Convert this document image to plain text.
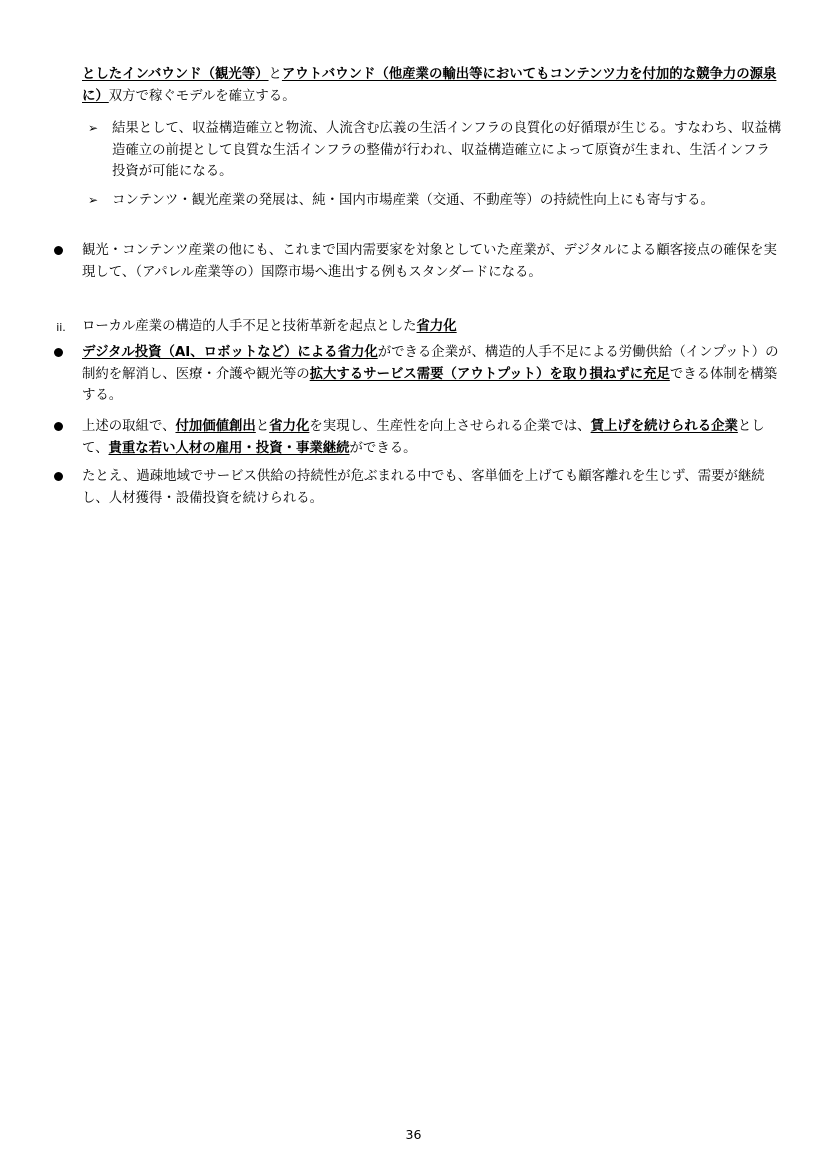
としたインバウンド（観光等）とアウトバウンド（他産業の輸出等においてもコンテンツ力を付加的な競争力の源泉に）双方で稼ぐモデルを確立する。

➢	結果として、収益構造確立と物流、人流含む広義の生活インフラの良質化の好循環が生じる。すなわち、収益構造確立の前提として良質な生活インフラの整備が行われ、収益構造確立によって原資が生まれ、生活インフラ投資が可能になる。

➢	コンテンツ・観光産業の発展は、純・国内市場産業（交通、不動産等）の持続性向上にも寄与する。

観光・コンテンツ産業の他にも、これまで国内需要家を対象としていた産業が、デジタルによる顧客接点の確保を実現して、（アパレル産業等の）国際市場へ進出する例もスタンダードになる。

ii.	ローカル産業の構造的人手不足と技術革新を起点とした省力化

デジタル投資（AI、ロボットなど）による省力化ができる企業が、構造的人手不足による労働供給（インプット）の制約を解消し、医療・介護や観光等の拡大するサービス需要（アウトプット）を取り損ねずに充足できる体制を構築する。

上述の取組で、付加価値創出と省力化を実現し、生産性を向上させられる企業では、賃上げを続けられる企業として、貴重な若い人材の雇用・投資・事業継続ができる。

たとえ、過疎地域でサービス供給の持続性が危ぶまれる中でも、客単価を上げても顧客離れを生じず、需要が継続し、人材獲得・設備投資を続けられる。

36
